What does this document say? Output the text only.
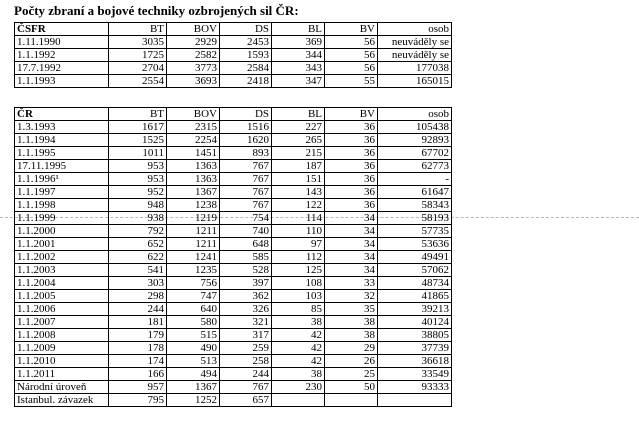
Počty zbraní a bojové techniky ozbrojených sil ČR:
ČSFR	BT	BOV	DS	BL	BV	osob
1.11.1990	3035	2929	2453	369	56	neuváděly se
1.1.1992	1725	2582	1593	344	56	neuváděly se
17.7.1992	2704	3773	2584	343	56	177038
1.1.1993	2554	3693	2418	347	55	165015
ČR	BT	BOV	DS	BL	BV	osob
1.3.1993	1617	2315	1516	227	36	105438
1.1.1994	1525	2254	1620	265	36	92893
1.1.1995	1011	1451	893	215	36	67702
17.11.1995	953	1363	767	187	36	62773
1.1.1996¹	953	1363	767	151	36	-
1.1.1997	952	1367	767	143	36	61647
1.1.1998	948	1238	767	122	36	58343
1.1.1999	938	1219	754	114	34	58193
1.1.2000	792	1211	740	110	34	57735
1.1.2001	652	1211	648	97	34	53636
1.1.2002	622	1241	585	112	34	49491
1.1.2003	541	1235	528	125	34	57062
1.1.2004	303	756	397	108	33	48734
1.1.2005	298	747	362	103	32	41865
1.1.2006	244	640	326	85	35	39213
1.1.2007	181	580	321	38	38	40124
1.1.2008	179	515	317	42	38	38805
1.1.2009	178	490	259	42	29	37739
1.1.2010	174	513	258	42	26	36618
1.1.2011	166	494	244	38	25	33549
Národní úroveň	957	1367	767	230	50	93333
Istanbul. závazek	795	1252	657			
